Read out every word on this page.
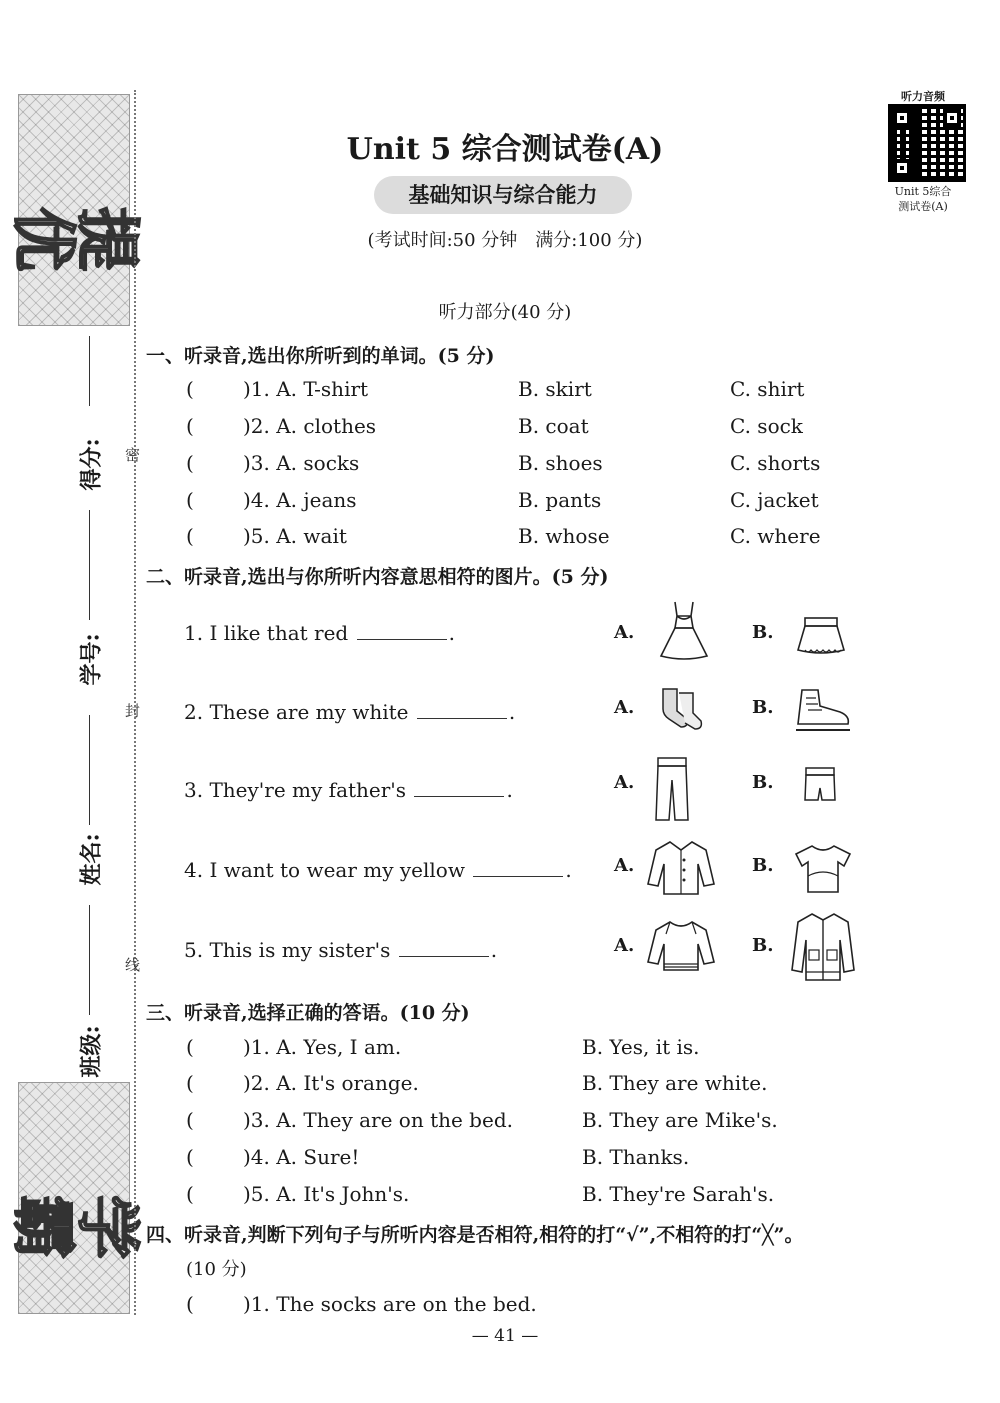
提优
学霸
得分:
学号:
姓名:
班级:
密
封
线
听力音频
Unit 5综合
测试卷(A)
Unit 5 综合测试卷(A)
基础知识与综合能力
(考试时间:50 分钟　满分:100 分)
听力部分(40 分)
一、听录音,选出你所听到的单词。(5 分)
( )1. A. T-shirt	B. skirt	C. shirt
( )2. A. clothes	B. coat	C. sock
( )3. A. socks	B. shoes	C. shorts
( )4. A. jeans	B. pants	C. jacket
( )5. A. wait	B. whose	C. where
二、听录音,选出与你所听内容意思相符的图片。(5 分)
1. I like that red	.	A.	B.
2. These are my white	.	A.	B.
3. They're my father's	.	A.	B.
4. I want to wear my yellow	. A.	B.
5. This is my sister's	.	A.	B.
三、听录音,选择正确的答语。(10 分)
( )1. A. Yes, I am.	B. Yes, it is.
( )2. A. It's orange.	B. They are white.
( )3. A. They are on the bed.	B. They are Mike's.
( )4. A. Sure!	B. Thanks.
( )5. A. It's John's.	B. They're Sarah's.
四、听录音,判断下列句子与所听内容是否相符,相符的打“√”,不相符的打“╳”。
(10 分)
( )1. The socks are on the bed.
— 41 —
